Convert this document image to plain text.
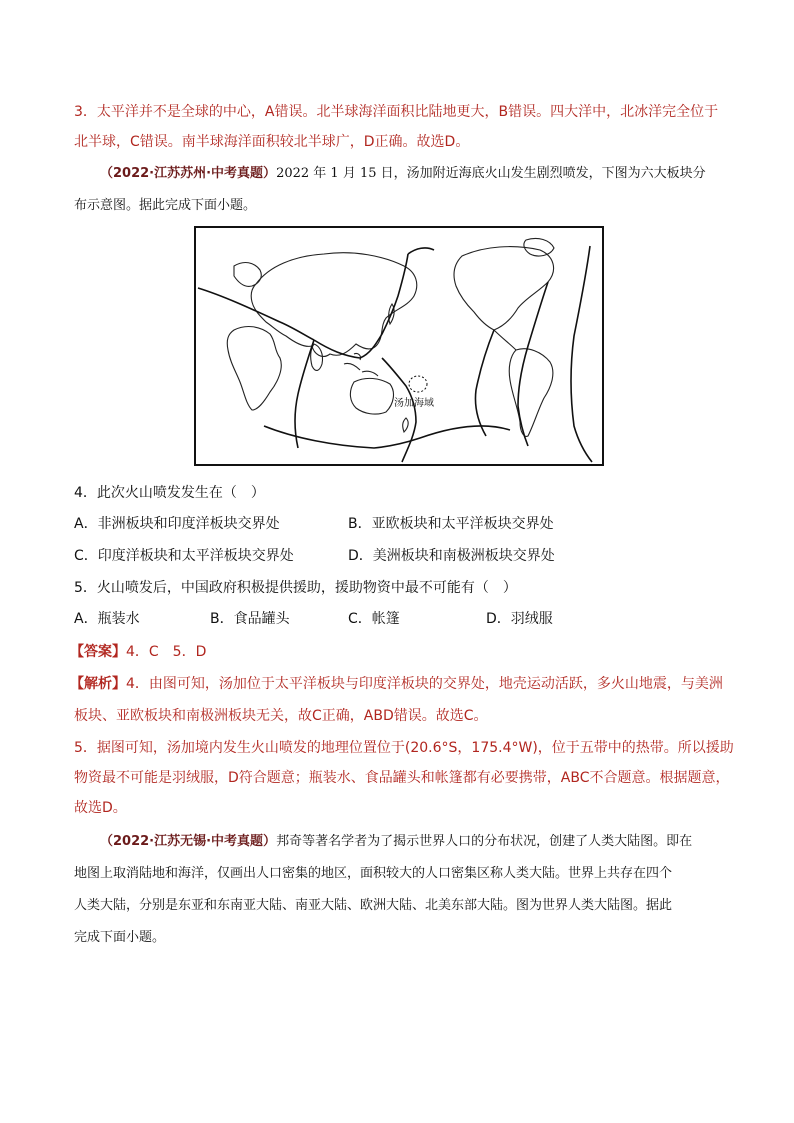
3．太平洋并不是全球的中心，A错误。北半球海洋面积比陆地更大，B错误。四大洋中，北冰洋完全位于
北半球，C错误。南半球海洋面积较北半球广，D正确。故选D。
（2022·江苏苏州·中考真题）2022 年 1 月 15 日，汤加附近海底火山发生剧烈喷发，下图为六大板块分
布示意图。据此完成下面小题。
汤加海域
4．此次火山喷发发生在（　）
A．非洲板块和印度洋板块交界处	B．亚欧板块和太平洋板块交界处
C．印度洋板块和太平洋板块交界处	D．美洲板块和南极洲板块交界处
5．火山喷发后，中国政府积极提供援助，援助物资中最不可能有（　）
A．瓶装水	B．食品罐头	C．帐篷	D．羽绒服
【答案】4．C　5．D
【解析】4．由图可知，汤加位于太平洋板块与印度洋板块的交界处，地壳运动活跃，多火山地震，与美洲
板块、亚欧板块和南极洲板块无关，故C正确，ABD错误。故选C。
5．据图可知，汤加境内发生火山喷发的地理位置位于(20.6°S，175.4°W)，位于五带中的热带。所以援助
物资最不可能是羽绒服，D符合题意；瓶装水、食品罐头和帐篷都有必要携带，ABC不合题意。根据题意，
故选D。
（2022·江苏无锡·中考真题）邦奇等著名学者为了揭示世界人口的分布状况，创建了人类大陆图。即在
地图上取消陆地和海洋，仅画出人口密集的地区，面积较大的人口密集区称人类大陆。世界上共存在四个
人类大陆，分别是东亚和东南亚大陆、南亚大陆、欧洲大陆、北美东部大陆。图为世界人类大陆图。据此
完成下面小题。
